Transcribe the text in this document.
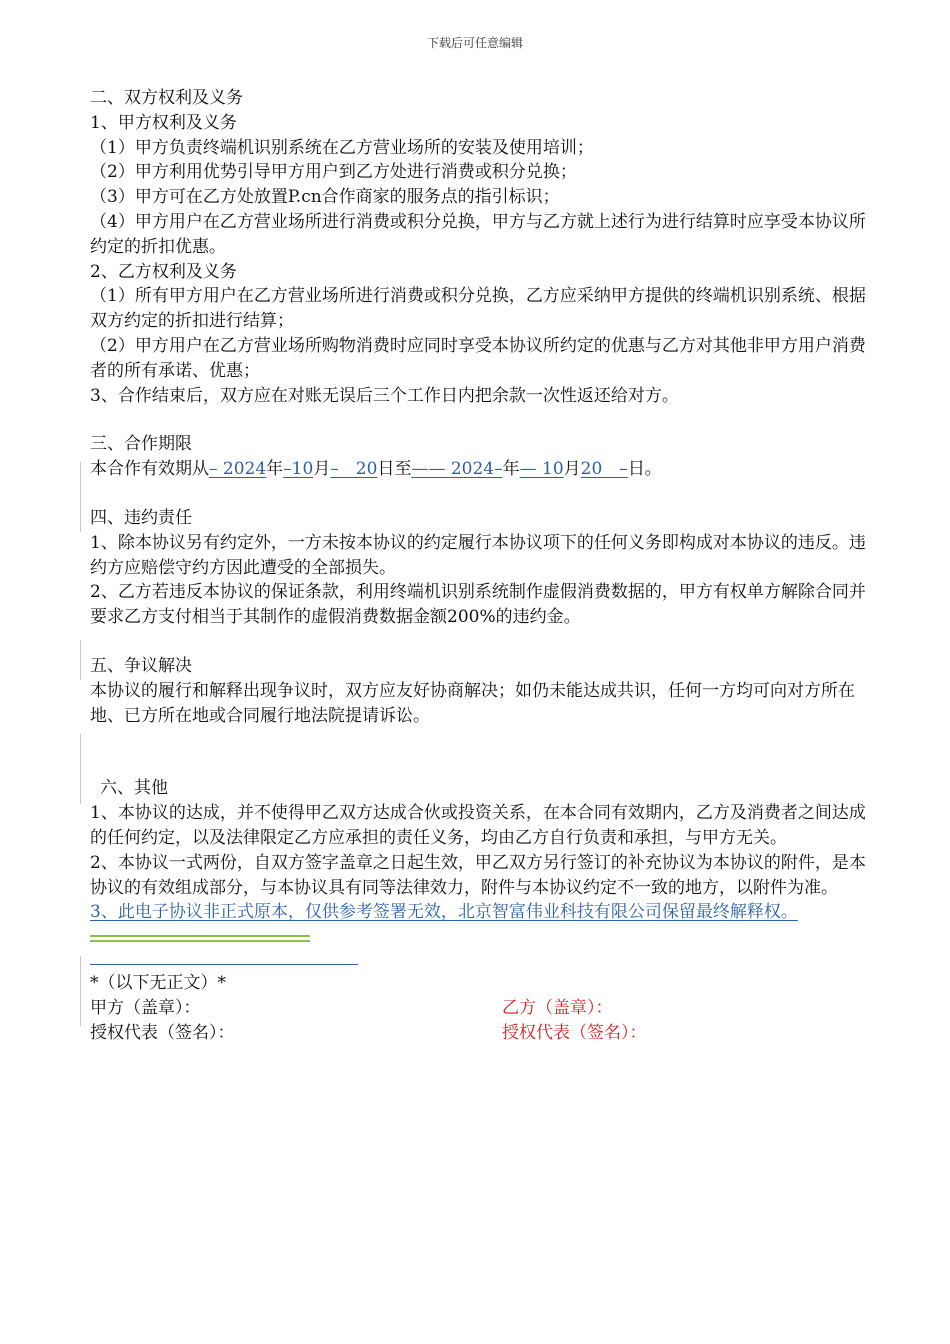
下载后可任意编辑

二、双方权利及义务

1、甲方权利及义务

（1）甲方负责终端机识别系统在乙方营业场所的安装及使用培训；

（2）甲方利用优势引导甲方用户到乙方处进行消费或积分兑换；

（3）甲方可在乙方处放置P.cn合作商家的服务点的指引标识；

（4）甲方用户在乙方营业场所进行消费或积分兑换，甲方与乙方就上述行为进行结算时应享受本协议所约定的折扣优惠。

2、乙方权利及义务

（1）所有甲方用户在乙方营业场所进行消费或积分兑换，乙方应采纳甲方提供的终端机识别系统、根据双方约定的折扣进行结算；

（2）甲方用户在乙方营业场所购物消费时应同时享受本协议所约定的优惠与乙方对其他非甲方用户消费者的所有承诺、优惠；

3、合作结束后，双方应在对账无误后三个工作日内把余款一次性返还给对方。

三、合作期限

本合作有效期从– 2024年–10月–　20日至—— 2024–年— 10月20　–日。

四、违约责任

1、除本协议另有约定外，一方未按本协议的约定履行本协议项下的任何义务即构成对本协议的违反。违约方应赔偿守约方因此遭受的全部损失。

2、乙方若违反本协议的保证条款，利用终端机识别系统制作虚假消费数据的，甲方有权单方解除合同并要求乙方支付相当于其制作的虚假消费数据金额200%的违约金。

五、争议解决

本协议的履行和解释出现争议时，双方应友好协商解决；如仍未能达成共识，任何一方均可向对方所在地、已方所在地或合同履行地法院提请诉讼。

六、其他

1、本协议的达成，并不使得甲乙双方达成合伙或投资关系，在本合同有效期内，乙方及消费者之间达成的任何约定，以及法律限定乙方应承担的责任义务，均由乙方自行负责和承担，与甲方无关。

2、本协议一式两份，自双方签字盖章之日起生效，甲乙双方另行签订的补充协议为本协议的附件，是本协议的有效组成部分，与本协议具有同等法律效力，附件与本协议约定不一致的地方，以附件为准。

3、此电子协议非正式原本，仅供参考签署无效，北京智富伟业科技有限公司保留最终解释权。

*（以下无正文）*

甲方（盖章）：	乙方（盖章）：
授权代表（签名）：	授权代表（签名）：
